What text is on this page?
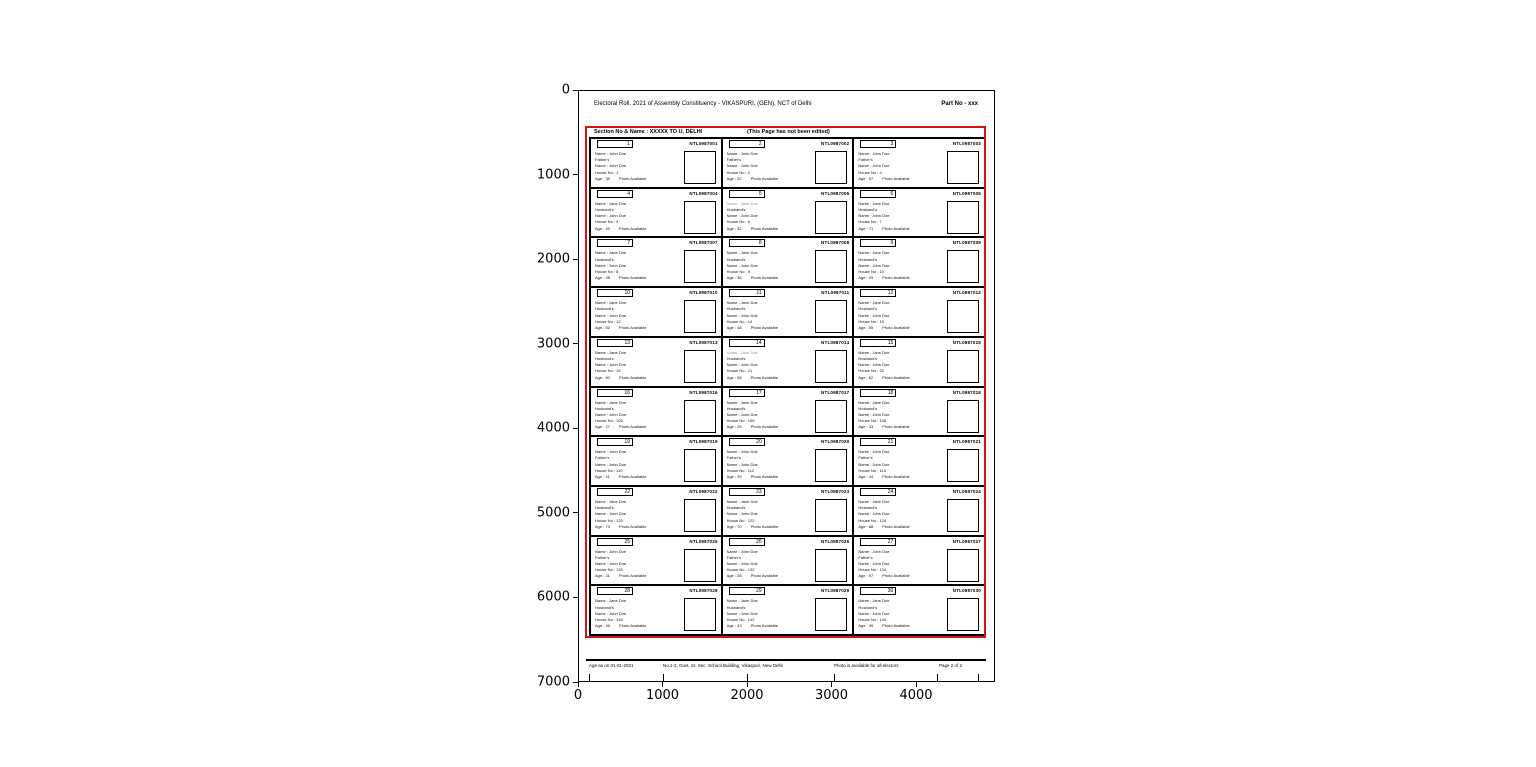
0
1000
2000
3000
4000
5000
6000
7000
0	1000	2000	3000	4000
Electoral Roll, 2021 of Assembly Constituency - VIKASPURI, (GEN), NCT of Delhi	Part No - xxx
Section No & Name : XXXXX TO U, DELHI	(This Page has not been edited)
1	NTL0987001
Name : John Doe
Father's
Name : John Doe
House No : 1
Age : 35 Photo Available
2	NTL0987002
Name : John Doe
Father's
Name : John Doe
House No : 2
Age : 32 Photo Available
3	NTL0987003
Name : John Doe
Father's
Name : John Doe
House No : 4
Age : 67 Photo Available
4	NTL0987004
Name : Jane Doe
Husband's
Name : John Doe
House No : 5
Age : 45 Photo Available
5	NTL0987005
Name : Jane Doe
Husband's
Name : John Doe
House No : 6
Age : 42 Photo Available
6	NTL0987006
Name : Jane Doe
Husband's
Name : John Doe
House No : 7
Age : 71 Photo Available
7	NTL0987007
Name : Jane Doe
Husband's
Name : John Doe
House No : 8
Age : 38 Photo Available
8	NTL0987008
Name : Jane Doe
Husband's
Name : John Doe
House No : 9
Age : 36 Photo Available
9	NTL0987009
Name : Jane Doe
Husband's
Name : John Doe
House No : 10
Age : 29 Photo Available
10	NTL0987010
Name : Jane Doe
Husband's
Name : John Doe
House No : 12
Age : 52 Photo Available
11	NTL0987011
Name : Jane Doe
Husband's
Name : John Doe
House No : 14
Age : 48 Photo Available
12	NTL0987012
Name : Jane Doe
Husband's
Name : John Doe
House No : 15
Age : 55 Photo Available
13	NTL0987013
Name : Jane Doe
Husband's
Name : John Doe
House No : 16
Age : 60 Photo Available
14	NTL0987014
Name : Jane Doe
Husband's
Name : John Doe
House No : 21
Age : 58 Photo Available
15	NTL0987015
Name : Jane Doe
Husband's
Name : John Doe
House No : 22
Age : 62 Photo Available
16	NTL0987016
Name : Jane Doe
Husband's
Name : John Doe
House No : 105
Age : 27 Photo Available
17	NTL0987017
Name : Jane Doe
Husband's
Name : John Doe
House No : 106
Age : 25 Photo Available
18	NTL0987018
Name : Jane Doe
Husband's
Name : John Doe
House No : 108
Age : 33 Photo Available
19	NTL0987019
Name : John Doe
Father's
Name : John Doe
House No : 110
Age : 41 Photo Available
20	NTL0987020
Name : John Doe
Father's
Name : John Doe
House No : 112
Age : 39 Photo Available
21	NTL0987021
Name : John Doe
Father's
Name : John Doe
House No : 115
Age : 44 Photo Available
22	NTL0987022
Name : Jane Doe
Husband's
Name : John Doe
House No : 120
Age : 73 Photo Available
23	NTL0987023
Name : Jane Doe
Husband's
Name : John Doe
House No : 122
Age : 70 Photo Available
24	NTL0987024
Name : Jane Doe
Husband's
Name : John Doe
House No : 124
Age : 68 Photo Available
25	NTL0987025
Name : John Doe
Father's
Name : John Doe
House No : 130
Age : 31 Photo Available
26	NTL0987026
Name : John Doe
Father's
Name : John Doe
House No : 132
Age : 28 Photo Available
27	NTL0987027
Name : John Doe
Father's
Name : John Doe
House No : 134
Age : 57 Photo Available
28	NTL0987028
Name : Jane Doe
Husband's
Name : John Doe
House No : 140
Age : 46 Photo Available
29	NTL0987029
Name : Jane Doe
Husband's
Name : John Doe
House No : 142
Age : 43 Photo Available
30	NTL0987030
Name : Jane Doe
Husband's
Name : John Doe
House No : 144
Age : 49 Photo Available
Age as on 01-01-2021	No.1-2, Govt. Sr. Sec. School Building, Vikaspuri, New Delhi	Photo is available for all electors	Page 2 of 2
